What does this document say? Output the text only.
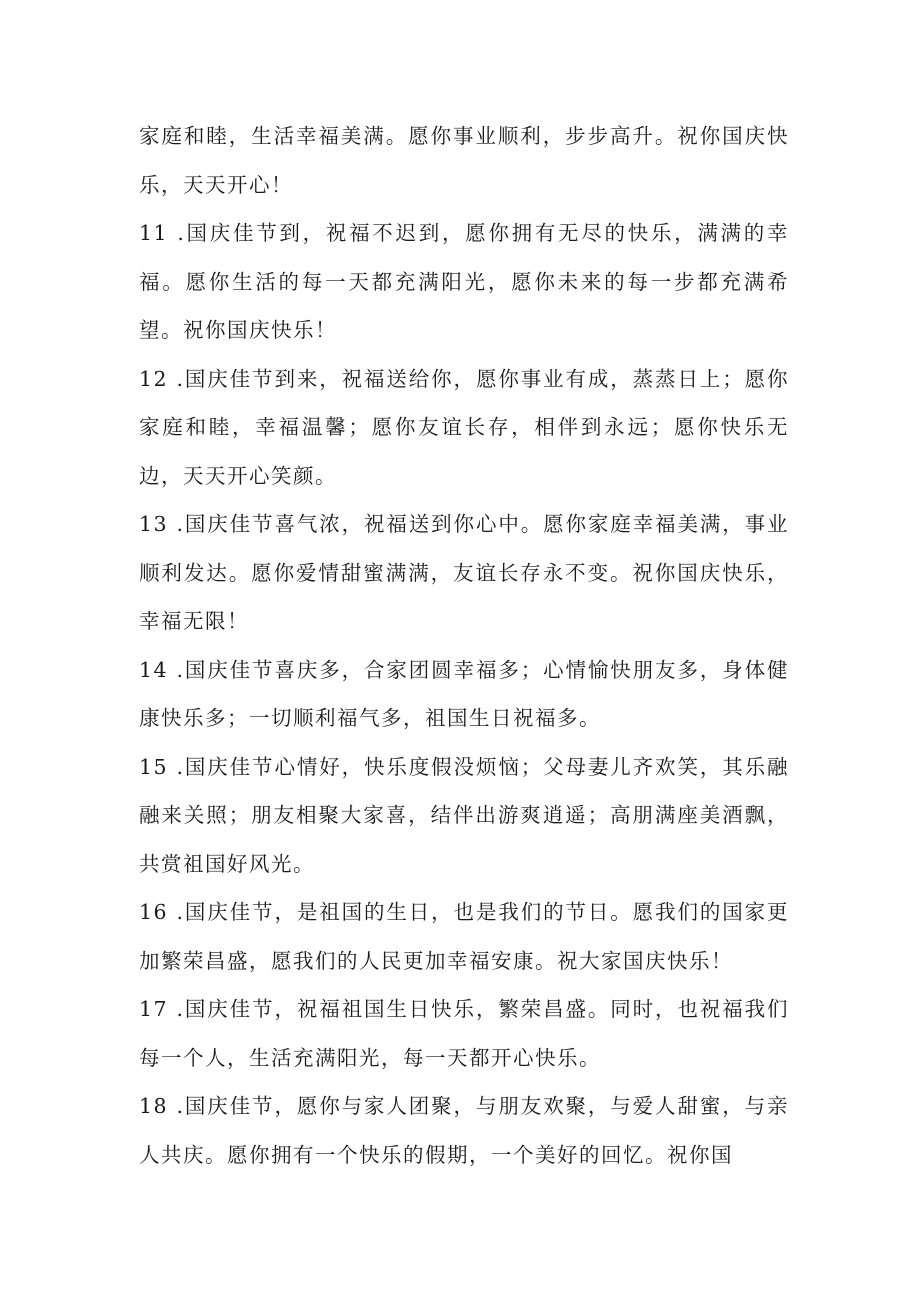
家庭和睦，生活幸福美满。愿你事业顺利，步步高升。祝你国庆快乐，天天开心！

11 .国庆佳节到，祝福不迟到，愿你拥有无尽的快乐，满满的幸福。愿你生活的每一天都充满阳光，愿你未来的每一步都充满希望。祝你国庆快乐！

12 .国庆佳节到来，祝福送给你，愿你事业有成，蒸蒸日上；愿你家庭和睦，幸福温馨；愿你友谊长存，相伴到永远；愿你快乐无边，天天开心笑颜。

13 .国庆佳节喜气浓，祝福送到你心中。愿你家庭幸福美满，事业顺利发达。愿你爱情甜蜜满满，友谊长存永不变。祝你国庆快乐，幸福无限！

14 .国庆佳节喜庆多，合家团圆幸福多；心情愉快朋友多，身体健康快乐多；一切顺利福气多，祖国生日祝福多。

15 .国庆佳节心情好，快乐度假没烦恼；父母妻儿齐欢笑，其乐融融来关照；朋友相聚大家喜，结伴出游爽逍遥；高朋满座美酒飘，共赏祖国好风光。

16 .国庆佳节，是祖国的生日，也是我们的节日。愿我们的国家更加繁荣昌盛，愿我们的人民更加幸福安康。祝大家国庆快乐！

17 .国庆佳节，祝福祖国生日快乐，繁荣昌盛。同时，也祝福我们每一个人，生活充满阳光，每一天都开心快乐。

18 .国庆佳节，愿你与家人团聚，与朋友欢聚，与爱人甜蜜，与亲人共庆。愿你拥有一个快乐的假期，一个美好的回忆。祝你国
